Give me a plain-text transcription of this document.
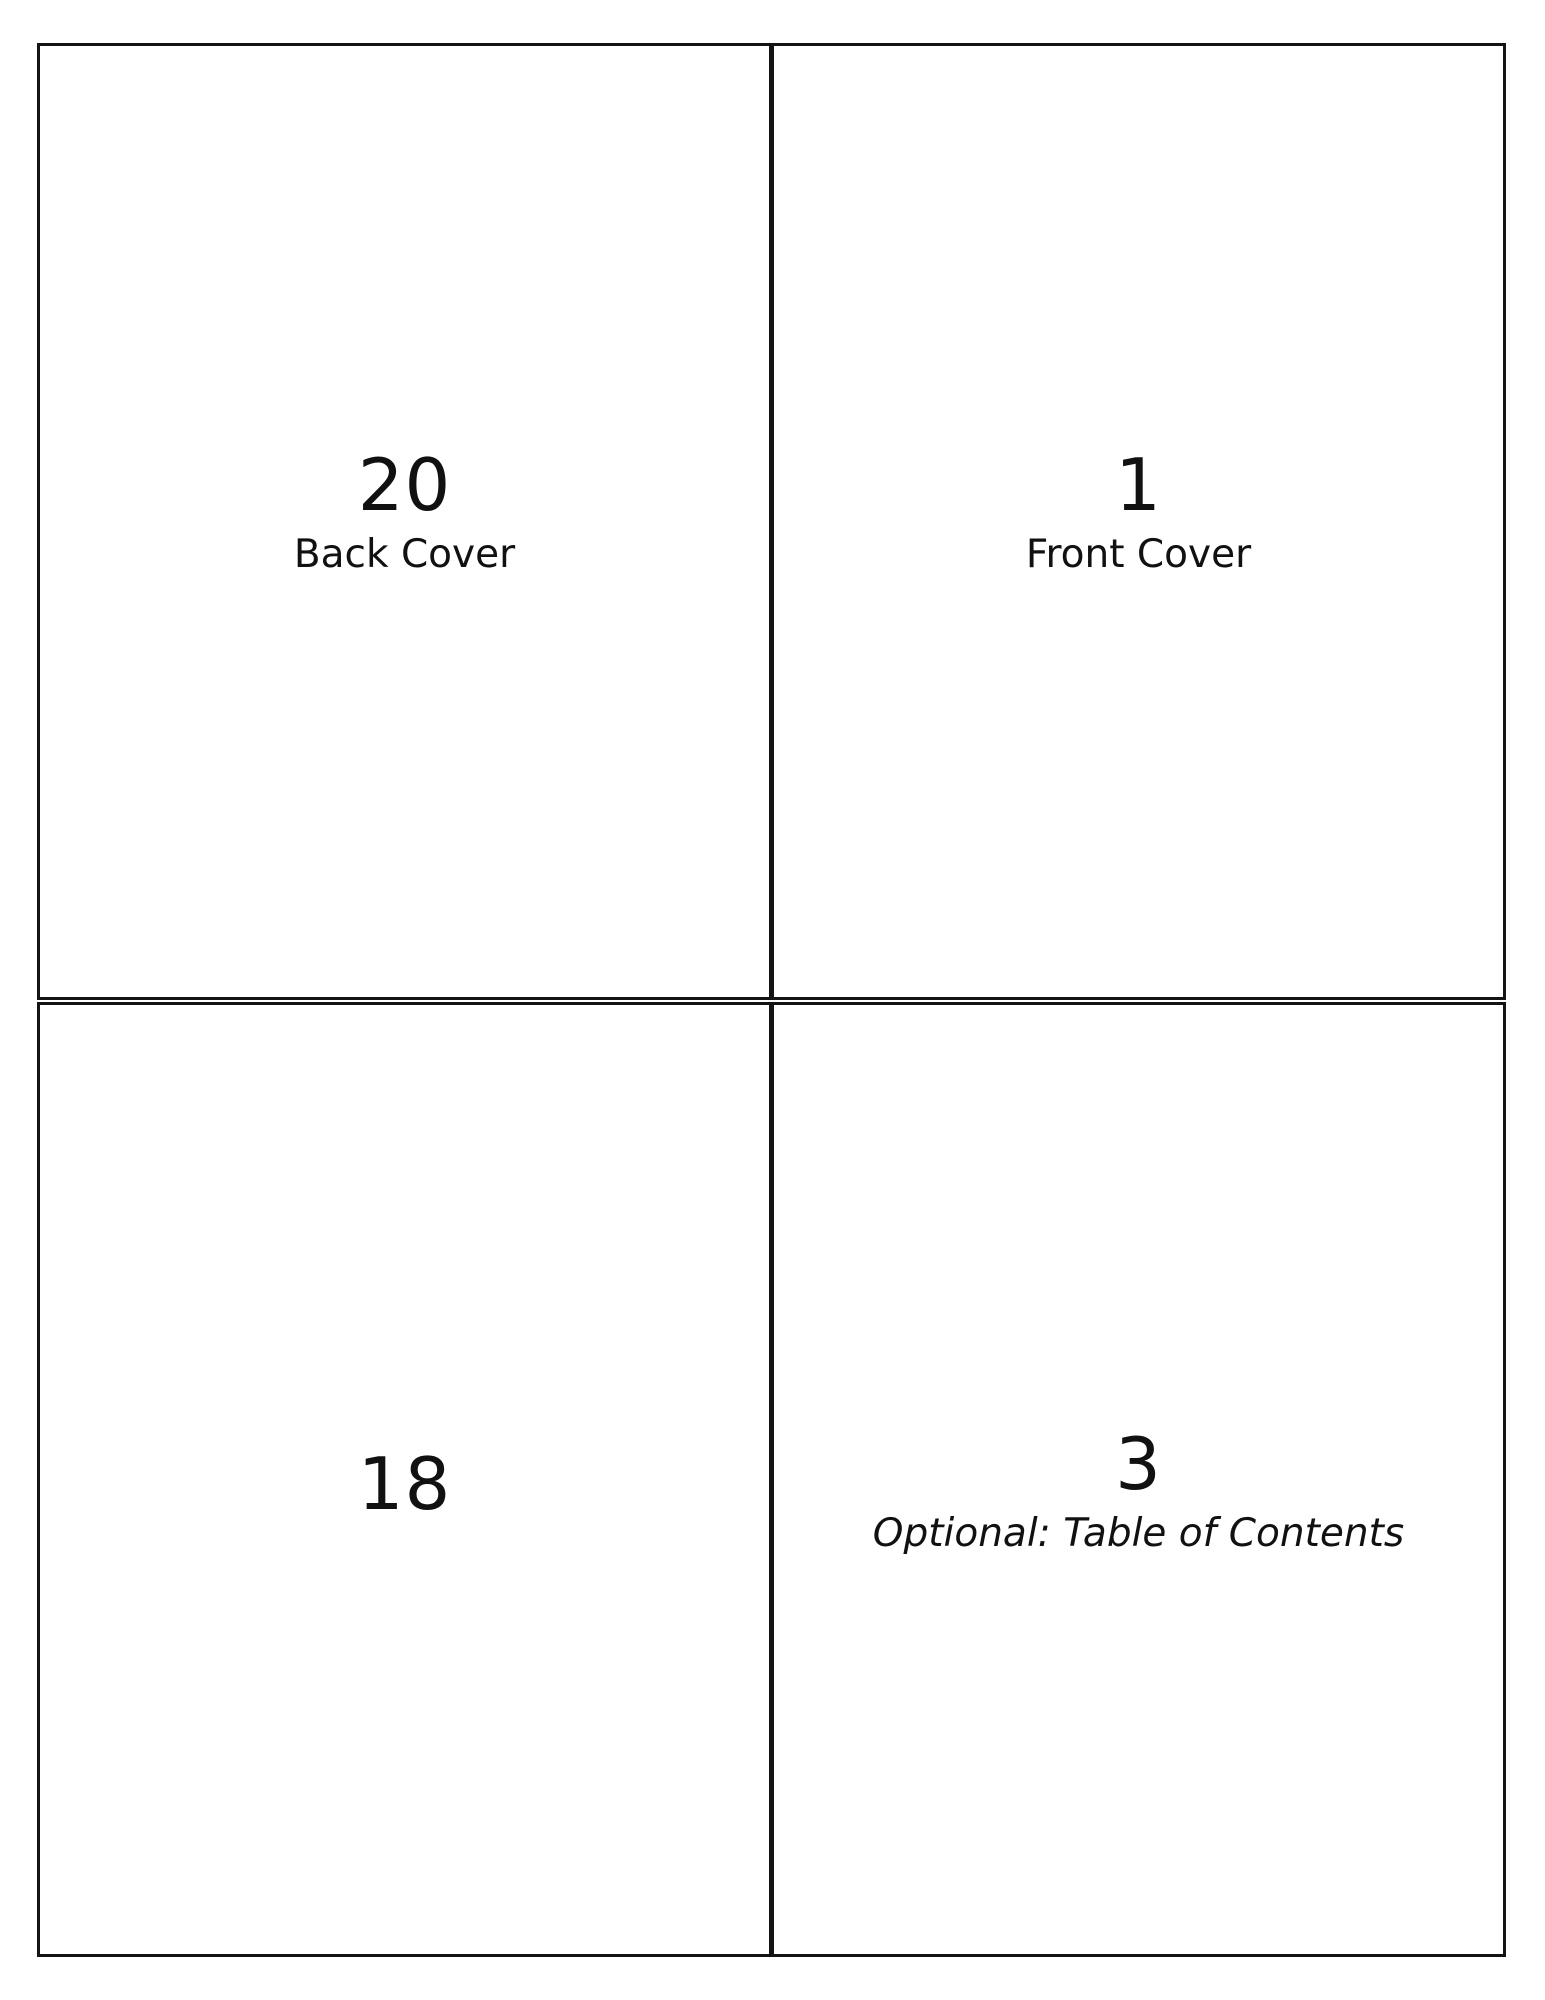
20
Back Cover
1
Front Cover
18	3
Optional: Table of Contents
